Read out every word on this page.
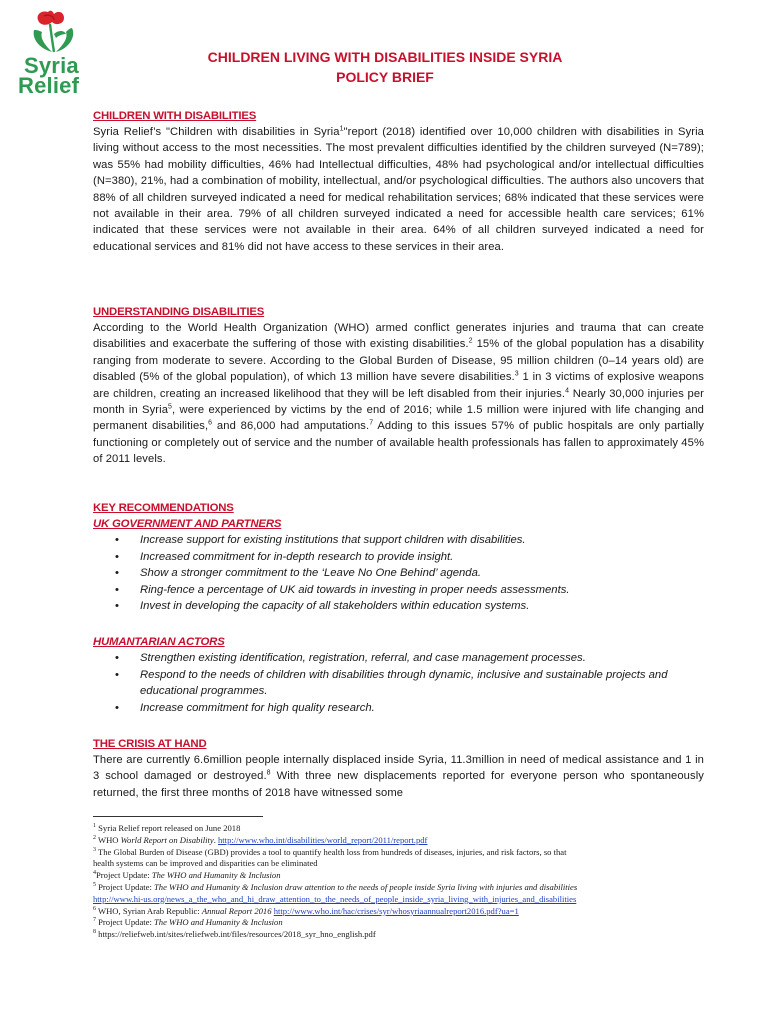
Syria
Relief
CHILDREN LIVING WITH DISABILITIES INSIDE SYRIA
POLICY BRIEF
CHILDREN WITH DISABILITIES
Syria Relief’s "Children with disabilities in Syria$^1$"report (2018) identified over 10,000 children with disabilities in Syria living without access to the most necessities. The most prevalent difficulties identified by the children surveyed (N=789); was 55% had mobility difficulties, 46% had Intellectual difficulties, 48% had psychological and/or intellectual difficulties (N=380), 21%, had a combination of mobility, intellectual, and/or psychological difficulties. The authors also uncovers that 88% of all children surveyed indicated a need for medical rehabilitation services; 68% indicated that these services were not available in their area. 79% of all children surveyed indicated a need for accessible health care services; 61% indicated that these services were not available in their area. 64% of all children surveyed indicated a need for educational services and 81% did not have access to these services in their area.
UNDERSTANDING DISABILITIES
According to the World Health Organization (WHO) armed conflict generates injuries and trauma that can create disabilities and exacerbate the suffering of those with existing disabilities.$^2$ 15% of the global population has a disability ranging from moderate to severe. According to the Global Burden of Disease, 95 million children (0–14 years old) are disabled (5% of the global population), of which 13 million have severe disabilities.$^3$ 1 in 3 victims of explosive weapons are children, creating an increased likelihood that they will be left disabled from their injuries.$^4$ Nearly 30,000 injuries per month in Syria$^5$, were experienced by victims by the end of 2016; while 1.5 million were injured with life changing and permanent disabilities,$^6$ and 86,000 had amputations.$^7$ Adding to this issues 57% of public hospitals are only partially functioning or completely out of service and the number of available health professionals has fallen to approximately 45% of 2011 levels.
KEY RECOMMENDATIONS
UK GOVERNMENT AND PARTNERS
• Increase support for existing institutions that support children with disabilities.
• Increased commitment for in-depth research to provide insight.
• Show a stronger commitment to the ‘Leave No One Behind’ agenda.
• Ring-fence a percentage of UK aid towards in investing in proper needs assessments.
• Invest in developing the capacity of all stakeholders within education systems.
HUMANTARIAN ACTORS
• Strengthen existing identification, registration, referral, and case management processes.
• Respond to the needs of children with disabilities through dynamic, inclusive and sustainable projects and educational programmes.
• Increase commitment for high quality research.
THE CRISIS AT HAND
There are currently 6.6million people internally displaced inside Syria, 11.3million in need of medical assistance and 1 in 3 school damaged or destroyed.$^8$ With three new displacements reported for everyone person who spontaneously returned, the first three months of 2018 have witnessed some
$^1$ Syria Relief report released on June 2018
$^2$ WHO World Report on Disability. http://www.who.int/disabilities/world_report/2011/report.pdf
$^3$ The Global Burden of Disease (GBD) provides a tool to quantify health loss from hundreds of diseases, injuries, and risk factors, so that
health systems can be improved and disparities can be eliminated
$^4$Project Update: The WHO and Humanity & Inclusion
$^5$ Project Update: The WHO and Humanity & Inclusion draw attention to the needs of people inside Syria living with injuries and disabilities
http://www.hi-us.org/news_a_the_who_and_hi_draw_attention_to_the_needs_of_people_inside_syria_living_with_injuries_and_disabilities
$^6$ WHO, Syrian Arab Republic: Annual Report 2016 http://www.who.int/hac/crises/syr/whosyriaannualreport2016.pdf?ua=1
$^7$ Project Update: The WHO and Humanity & Inclusion
$^8$ https://reliefweb.int/sites/reliefweb.int/files/resources/2018_syr_hno_english.pdf
